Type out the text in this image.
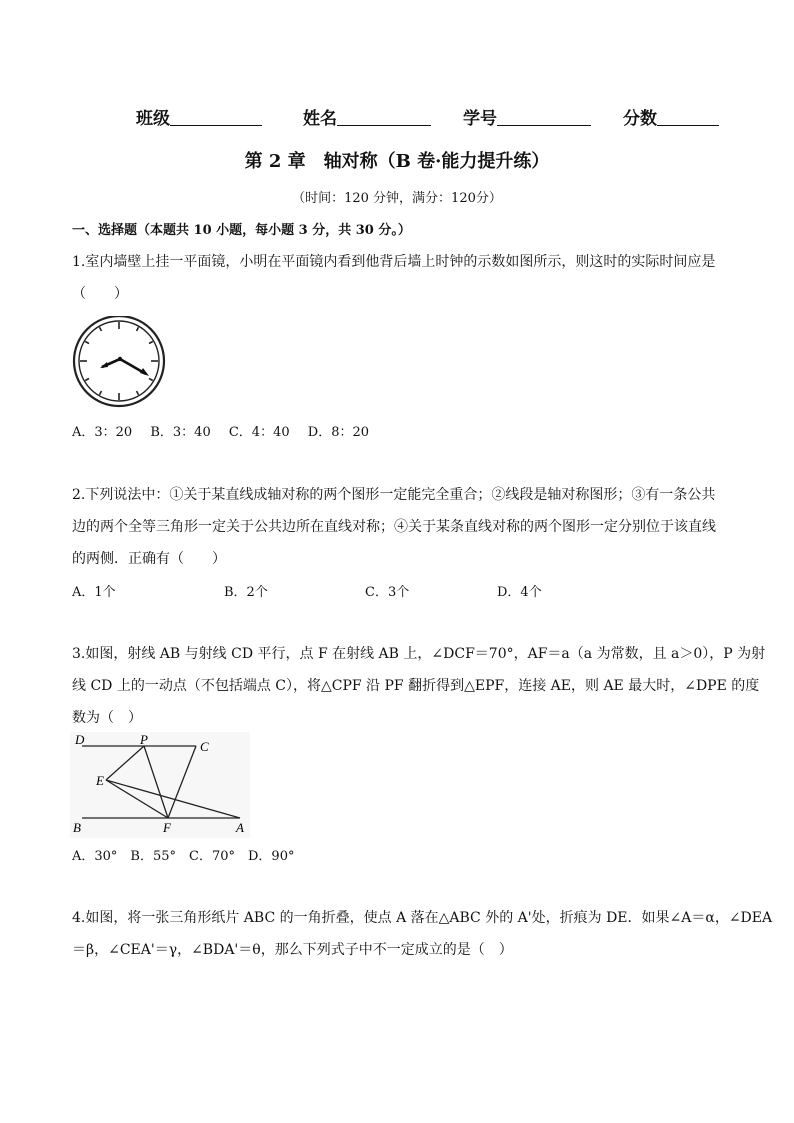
班级	姓名	学号	分数
第 2 章　轴对称（B 卷·能力提升练）
（时间：120 分钟，满分：120分）
一、选择题（本题共 10 小题，每小题 3 分，共 30 分。）
1.室内墙壁上挂一平面镜，小明在平面镜内看到他背后墙上时钟的示数如图所示，则这时的实际时间应是
（　　）
A．3：20 B．3：40 C．4：40 D．8：20
2.下列说法中：①关于某直线成轴对称的两个图形一定能完全重合；②线段是轴对称图形；③有一条公共
边的两个全等三角形一定关于公共边所在直线对称；④关于某条直线对称的两个图形一定分别位于该直线
的两侧．正确有（　　）
A．1个	B．2个	C．3个	D．4个
3.如图，射线 AB 与射线 CD 平行，点 F 在射线 AB 上，∠DCF＝70°，AF＝a（a 为常数，且 a＞0），P 为射
线 CD 上的一动点（不包括端点 C），将△CPF 沿 PF 翻折得到△EPF，连接 AE，则 AE 最大时，∠DPE 的度
数为（　）
D	P	C
E
B	F	A
A．30°　B．55°　C．70°　D．90°
4.如图，将一张三角形纸片 ABC 的一角折叠，使点 A 落在△ABC 外的 A'处，折痕为 DE．如果∠A＝α，∠DEA
＝β，∠CEA'＝γ，∠BDA'＝θ，那么下列式子中不一定成立的是（　）
